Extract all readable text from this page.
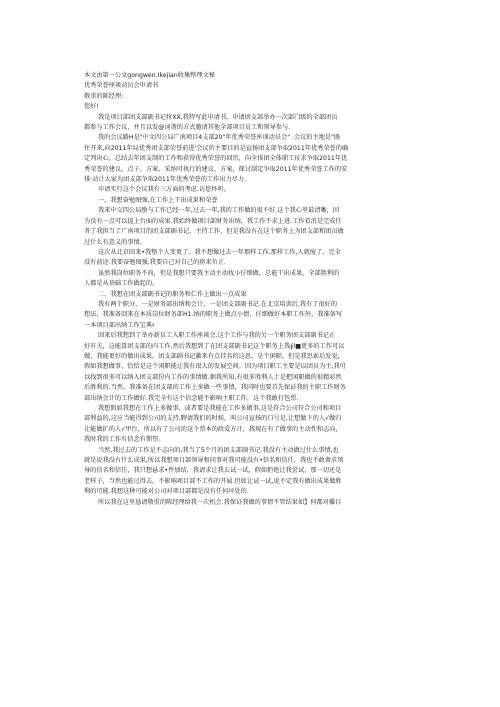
本文由第一公文gongwen.Ikejian收集整理文秘

优秀荣誉座谈动员会申请书

敬重的陈经理:

您好!

我是项目部团支部副书记将XX,我特写此申请书，申请团支部举办一次部门级的全部团员

都参与工作会议，并且以发@词谐的方式邀请其他全部项目员工和领导参与.

我的会议路H是"中文四公局广南项目4支部20"年优秀荣誉座谈动员会" .会议的主地是"既

往开来,向2011年局优秀团支部荣誉前进'会议的主要目的是宣扬团支部争取2011年优秀荣誉的确

定判决心，总结去年团支制的工作和获得优秀荣誉的回历，向全体团全体职工征求争取2011年优

秀荣誉的建议、点子、方案，采纳可执行的建议、方案，探讨制定争取2011年优秀荣誉工作的安

排·动计大家为团支部争取2011年优秀荣誉的工作出力尽力.

申请实行这个会议我有三方面的考虑.访您怀听。

一、我想奋勉图强,在工作上干出成果和荣誉

我来中交四公局励与工作已经一年,过去一年,我的工作做的很不好.这个我心里最清晰，因

为没有一点可以提上台面的成果.我始终做项目部财务出纳，我工作不求上进.工作看消是完成任

务了我担当了广南项目的团支部副书记，主持工作，但是我没有在这个职务上为团支部和团员做

过什么有意义的事情。

这次从北京回来•我整个人变更了。我不想像过去一年那样工作,那样工作,人就废了，完全

没有前途.我要奋勉图强,我要自己对自己的将来负正.

虽然我岗位职务不尚，但是我想只要我主动主动找小仔细做，总能干出成果，全部胜利的

人都是从基础工作做起的。

二、我想在团支部副书记的职务和仁作上做出一点成果

我有两个职分，一是财务部出纳和会计，一是团支部副书记.在北京培训后,我有了很好的

想法，我准备回来在本质岗位财务部H1.纳的职务上做点小情，仔细做好本职工作外，我准备写

一本项目部出纳工作宝典♯

回来后我想到了举办新员工入职工作座谈会.这个工作与我的另一个职务团支部副书记正

好有关，这能算团支部的内工作.然后我想到了在团支部副书记这个职务上我∮Ⅰ■更多的工作可以

做，我能更好的做出成果。团支部副书记激来有点挂名的这思，是个闲职，但是我思索后发觉，

假如我想做事，恰恰是这个闲职能让我有很大的发展空间。因为项目职工主要是以团员为主,我可

以找到很多可以纳入团支部份内工作的事情做.据我所知,有很多胜利人士是把闲职做的很精彩然

后胜利的.当然，我准备在团支部的工作上多做一些事情，我同时也要首先保证我的主职工作财务

部出纳会计的工作做好.我完全有这个信念能不影响主职工作，这个我敢打包票.

我想假如我想在工作上多做事，或者要是我能在工作多做事,这是符合公司符合公司和项目

部利益的,这应当能得到公司的支持,聘请我们的时候，叫公司宣扬的口号是,让想做下的人√做归

让能做扩的人√甲台，所以有了公司的这个票本的政爱方计，我现在有了做事的主动性和志向，

我时我的工作有信念有期望。

当然,我过去的工作是不志向的,我当了5个月的团支部副书记.我没有主动做过什么事情,也

就是说我没有什么成果,所以我想项目部领导和同事对我可能没有•信名和信任，我也不敢奢求领

导的信名和信任，我只想悬求•件加结，我请求让我去试一试，假如拒绝让我尝试，那一切还是

老样子，当然也能过得去，不影响项目部不工作的开展.但如让试一试,说不定我有做出成果做胜

利的可能.我想这种可能对公司对项目部都是没有任何坏处的.

所以我在这里恳请敬重的陈经理给我一次机会.我保证我做的事情不管结果如】何都对攥目
